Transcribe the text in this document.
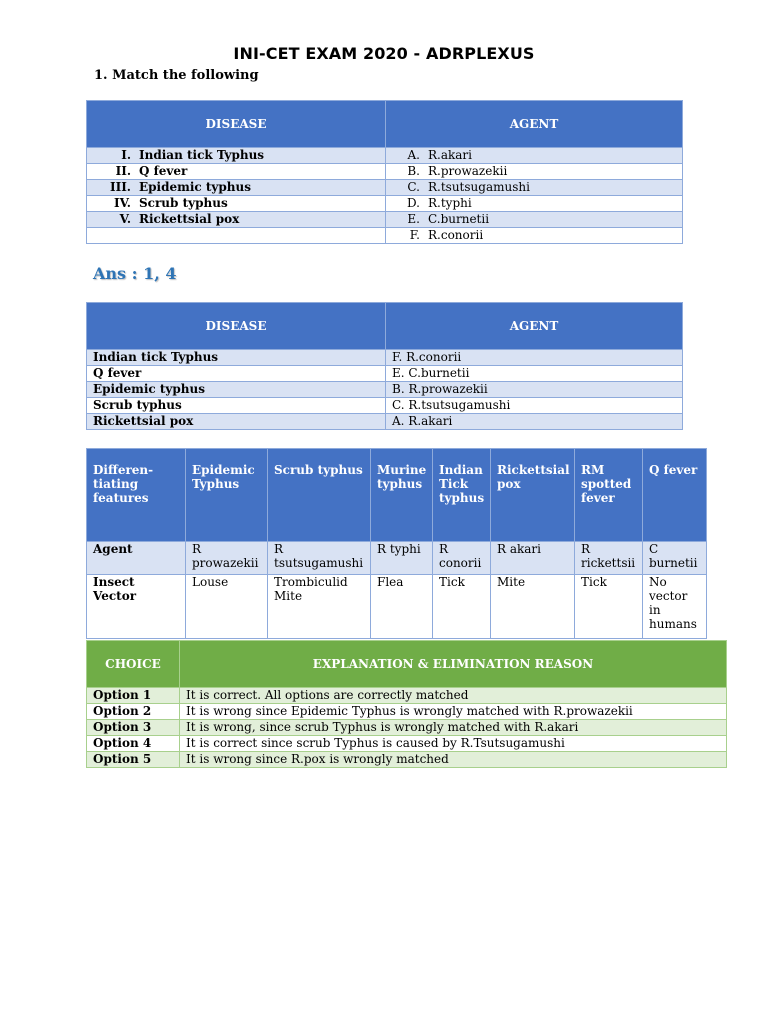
INI-CET EXAM 2020 - ADRPLEXUS
1. Match the following
DISEASE	AGENT
I. Indian tick Typhus	A. R.akari
II. Q fever	B. R.prowazekii
III. Epidemic typhus	C. R.tsutsugamushi
IV. Scrub typhus	D. R.typhi
V. Rickettsial pox	E. C.burnetii
	F. R.conorii
Ans : 1, 4
DISEASE	AGENT
Indian tick Typhus	F. R.conorii
Q fever	E. C.burnetii
Epidemic typhus	B. R.prowazekii
Scrub typhus	C. R.tsutsugamushi
Rickettsial pox	A. R.akari
Differen-tiating features	Epidemic Typhus	Scrub typhus	Murine typhus	Indian Tick typhus	Rickettsial pox	RM spotted fever	Q fever
Agent	R prowazekii	R tsutsugamushi	R typhi	R conorii	R akari	R rickettsii	C burnetii
Insect Vector	Louse	Trombiculid Mite	Flea	Tick	Mite	Tick	No vector in humans
CHOICE	EXPLANATION & ELIMINATION REASON
Option 1	It is correct. All options are correctly matched
Option 2	It is wrong since Epidemic Typhus is wrongly matched with R.prowazekii
Option 3	It is wrong, since scrub Typhus is wrongly matched with R.akari
Option 4	It is correct since scrub Typhus is caused by R.Tsutsugamushi
Option 5	It is wrong since R.pox is wrongly matched
